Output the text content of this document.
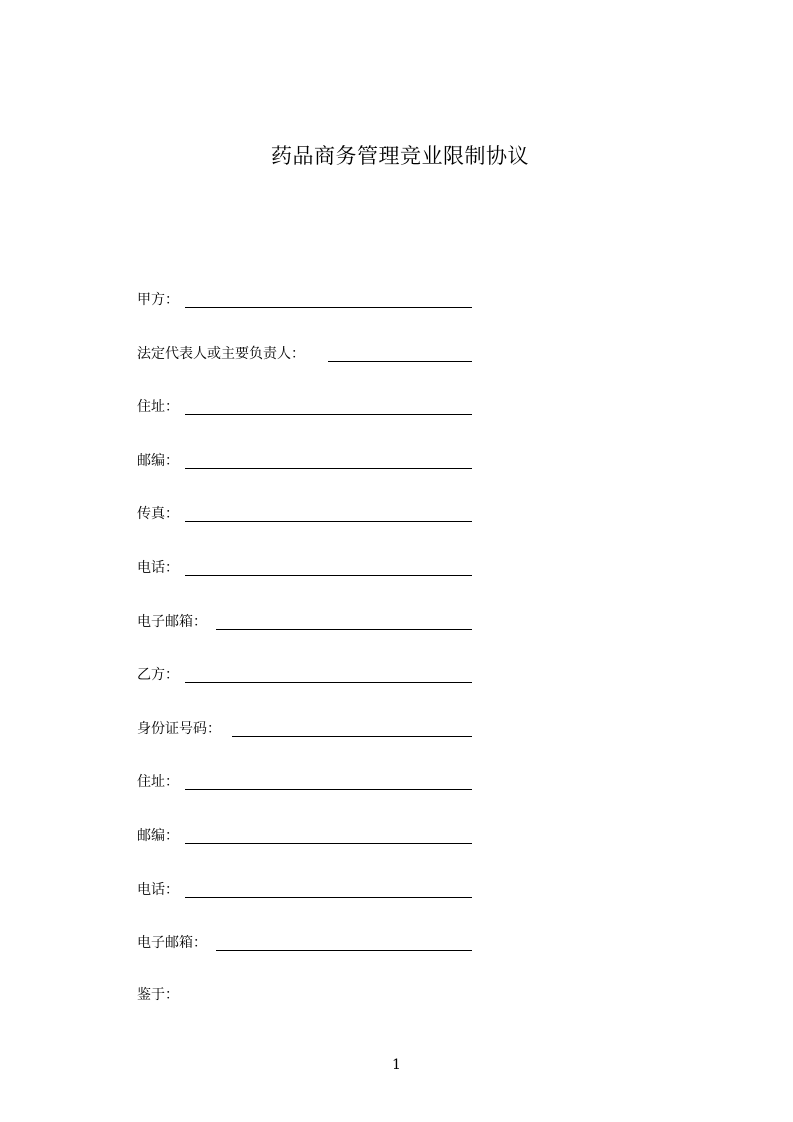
药品商务管理竞业限制协议
甲方：
法定代表人或主要负责人：
住址：
邮编：
传真：
电话：
电子邮箱：
乙方：
身份证号码：
住址：
邮编：
电话：
电子邮箱：
鉴于：
1
